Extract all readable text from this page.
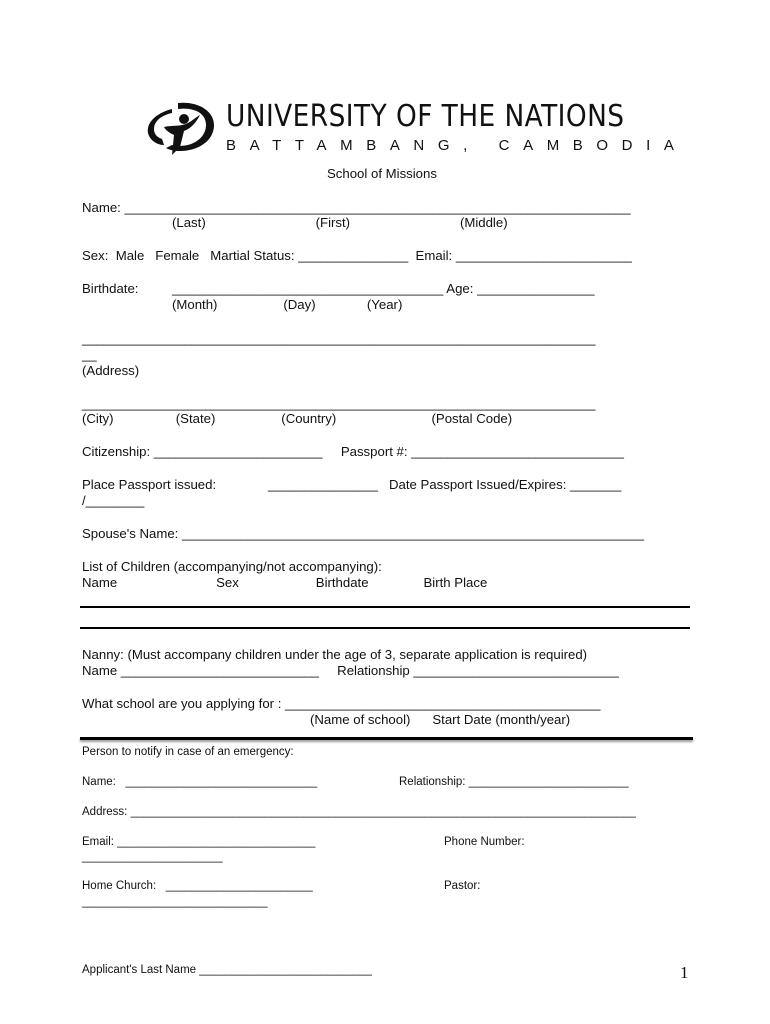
UNIVERSITY OF THE NATIONS
BATTAMBANG, CAMBODIA
School of Missions
Name: _____________________________________________________________________
(Last)                              (First)                              (Middle)
Sex:  Male   Female   Martial Status: _______________  Email: ________________________
Birthdate:	_____________________________________ Age: ________________
(Month)                  (Day)              (Year)
______________________________________________________________________
__
(Address)
______________________________________________________________________
(City)                 (State)                  (Country)                          (Postal Code)
Citizenship: _______________________     Passport #: _____________________________
Place Passport issued:	_______________   Date Passport Issued/Expires: _______
/________
Spouse's Name: _______________________________________________________________
List of Children (accompanying/not accompanying):
Name                           Sex                     Birthdate               Birth Place
Nanny: (Must accompany children under the age of 3, separate application is required)
Name ___________________________     Relationship ____________________________
What school are you applying for : ___________________________________________
(Name of school)      Start Date (month/year)
Person to notify in case of an emergency:
Name:   ______________________________	Relationship: _________________________
Address: _______________________________________________________________________________
Email: _______________________________	Phone Number:
______________________
Home Church:   _______________________	Pastor:
_____________________________
Applicant's Last Name ___________________________	1
